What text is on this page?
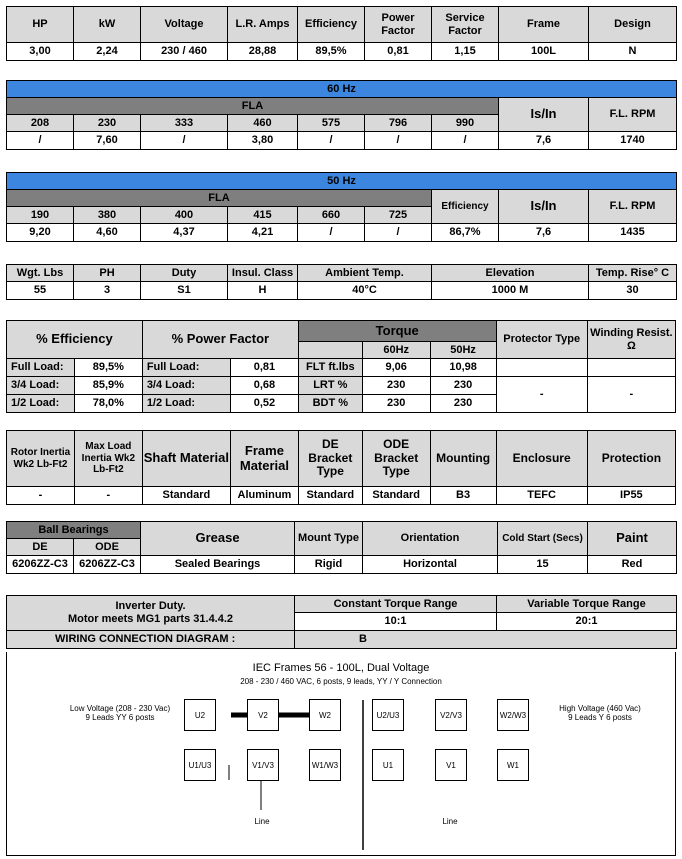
HP	kW	Voltage	L.R. Amps	Efficiency	Power Factor	Service Factor	Frame	Design
3,00	2,24	230 / 460	28,88	89,5%	0,81	1,15	100L	N
60 Hz								
FLA							Is/In	F.L. RPM
208	230	333	460	575	796	990		
/	7,60	/	3,80	/	/	/	7,6	1740
50 Hz								
FLA						Efficiency	Is/In	F.L. RPM
190	380	400	415	660	725			
9,20	4,60	4,37	4,21	/	/	86,7%	7,6	1435
Wgt. Lbs	PH	Duty	Insul. Class	Ambient Temp.	Elevation	Temp. Rise° C
55	3	S1	H	40°C	1000 M	30
% Efficiency		% Power Factor		Torque			Protector Type	Winding Resist. Ω
					60Hz	50Hz		
Full Load:	89,5%	Full Load:	0,81	FLT ft.lbs	9,06	10,98		
3/4 Load:	85,9%	3/4 Load:	0,68	LRT %	230	230	-	-
1/2 Load:	78,0%	1/2 Load:	0,52	BDT %	230	230		
Rotor Inertia Wk2 Lb-Ft2	Max Load Inertia Wk2 Lb-Ft2	Shaft Material	Frame Material	DE Bracket Type	ODE Bracket Type	Mounting	Enclosure	Protection
-	-	Standard	Aluminum	Standard	Standard	B3	TEFC	IP55
Ball Bearings		Grease	Mount Type	Orientation	Cold Start (Secs)	Paint
DE	ODE					
6206ZZ-C3	6206ZZ-C3	Sealed Bearings	Rigid	Horizontal	15	Red
Inverter Duty.
Motor meets MG1 parts 31.4.4.2	Constant Torque Range	Variable Torque Range
	10:1	20:1
WIRING CONNECTION DIAGRAM :	B	
IEC Frames 56 - 100L, Dual Voltage
208 - 230 / 460 VAC, 6 posts, 9 leads, YY / Y Connection
Low Voltage (208 - 230 Vac)
9 Leads YY 6 posts
High Voltage (460 Vac)
9 Leads Y 6 posts
U2	V2	W2
U1/U3	V1/V3	W1/W3
U2/U3	V2/V3	W2/W3
U1	V1	W1
Line	Line
